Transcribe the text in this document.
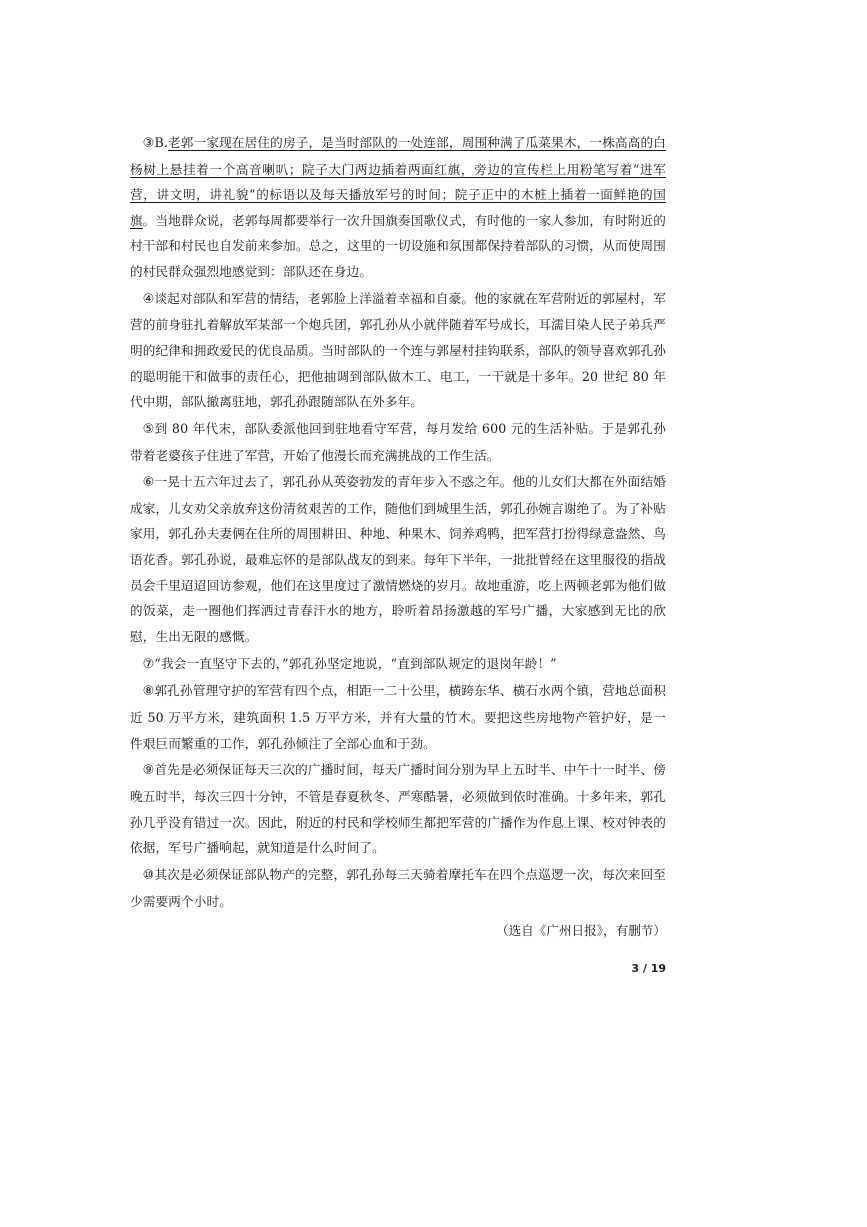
③B.老郭一家现在居住的房子，是当时部队的一处连部，周围种满了瓜菜果木，一株高高的白杨树上悬挂着一个高音喇叭；院子大门两边插着两面红旗，旁边的宣传栏上用粉笔写着“进军营，讲文明，讲礼貌”的标语以及每天播放军号的时间；院子正中的木桩上插着一面鲜艳的国旗。当地群众说，老郭每周都要举行一次升国旗奏国歌仪式，有时他的一家人参加，有时附近的村干部和村民也自发前来参加。总之，这里的一切设施和氛围都保持着部队的习惯，从而使周围的村民群众强烈地感觉到：部队还在身边。

④谈起对部队和军营的情结，老郭脸上洋溢着幸福和自豪。他的家就在军营附近的郭屋村，军营的前身驻扎着解放军某部一个炮兵团，郭孔孙从小就伴随着军号成长，耳濡目染人民子弟兵严明的纪律和拥政爱民的优良品质。当时部队的一个连与郭屋村挂钩联系，部队的领导喜欢郭孔孙的聪明能干和做事的责任心，把他抽调到部队做木工、电工，一干就是十多年。20 世纪 80 年代中期，部队撤离驻地，郭孔孙跟随部队在外多年。

⑤到 80 年代末，部队委派他回到驻地看守军营，每月发给 600 元的生活补贴。于是郭孔孙带着老婆孩子住进了军营，开始了他漫长而充满挑战的工作生活。

⑥一晃十五六年过去了，郭孔孙从英姿勃发的青年步入不惑之年。他的儿女们大都在外面结婚成家，儿女劝父亲放弃这份清贫艰苦的工作，随他们到城里生活，郭孔孙婉言谢绝了。为了补贴家用，郭孔孙夫妻俩在住所的周围耕田、种地、种果木、饲养鸡鸭，把军营打扮得绿意盎然、鸟语花香。郭孔孙说，最难忘怀的是部队战友的到来。每年下半年，一批批曾经在这里服役的指战员会千里迢迢回访参观，他们在这里度过了激情燃烧的岁月。故地重游，吃上两顿老郭为他们做的饭菜，走一圈他们挥洒过青春汗水的地方，聆听着昂扬激越的军号广播，大家感到无比的欣慰，生出无限的感慨。

⑦“我会一直坚守下去的，”郭孔孙坚定地说，“直到部队规定的退岗年龄！”

⑧郭孔孙管理守护的军营有四个点，相距一二十公里，横跨东华、横石水两个镇，营地总面积近 50 万平方米，建筑面积 1.5 万平方米，并有大量的竹木。要把这些房地物产管护好，是一件艰巨而繁重的工作，郭孔孙倾注了全部心血和于劲。

⑨首先是必须保证每天三次的广播时间，每天广播时间分别为早上五时半、中午十一时半、傍晚五时半，每次三四十分钟，不管是春夏秋冬、严寒酷暑，必须做到依时准确。十多年来，郭孔孙几乎没有错过一次。因此，附近的村民和学校师生都把军营的广播作为作息上课、校对钟表的依据，军号广播响起，就知道是什么时间了。

⑩其次是必须保证部队物产的完整，郭孔孙每三天骑着摩托车在四个点巡逻一次，每次来回至少需要两个小时。

（选自《广州日报》，有删节）
3 / 19
